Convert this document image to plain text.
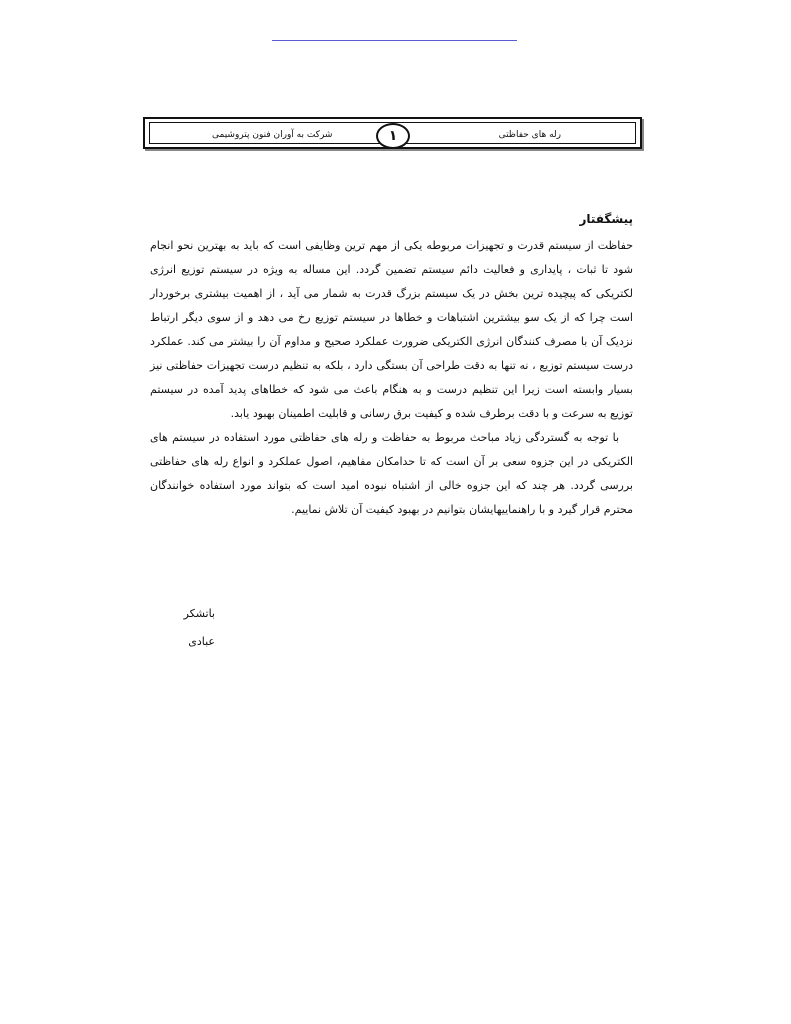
شرکت به آوران فنون پتروشیمی	۱	رله های حفاظتی
پیشگفتار

حفاظت از سیستم قدرت و تجهیزات مربوطه یکی از مهم ترین وظایفی است که باید به بهترین نحو انجام شود تا ثبات ، پایداری و فعالیت دائم سیستم تضمین گردد. این مساله به ویژه در سیستم توزیع انرژی لکتریکی که پیچیده ترین بخش در یک سیستم بزرگ قدرت به شمار می آید ، از اهمیت بیشتری برخوردار است چرا که از یک سو بیشترین اشتباهات و خطاها در سیستم توزیع رخ می دهد و از سوی دیگر ارتباط نزدیک آن با مصرف کنندگان انرژی الکتریکی ضرورت عملکرد صحیح و مداوم آن را بیشتر می کند. عملکرد درست سیستم توزیع ، نه تنها به دقت طراحی آن بستگی دارد ، بلکه به تنظیم درست تجهیزات حفاظتی نیز بسیار وابسته است زیرا این تنظیم درست و به هنگام باعث می شود که خطاهای پدید آمده در سیستم توزیع به سرعت و با دقت برطرف شده و کیفیت برق رسانی و قابلیت اطمینان بهبود یابد.

با توجه به گستردگی زیاد مباحث مربوط به حفاظت و رله های حفاظتی مورد استفاده در سیستم های الکتریکی در این جزوه سعی بر آن است که تا حدامکان مفاهیم، اصول عملکرد و انواع رله های حفاظتی بررسی گردد. هر چند که این جزوه خالی از اشتباه نبوده امید است که بتواند مورد استفاده خوانندگان محترم قرار گیرد و با راهنماییهایشان بتوانیم در بهبود کیفیت آن تلاش نماییم.

باتشکر
عبادی
